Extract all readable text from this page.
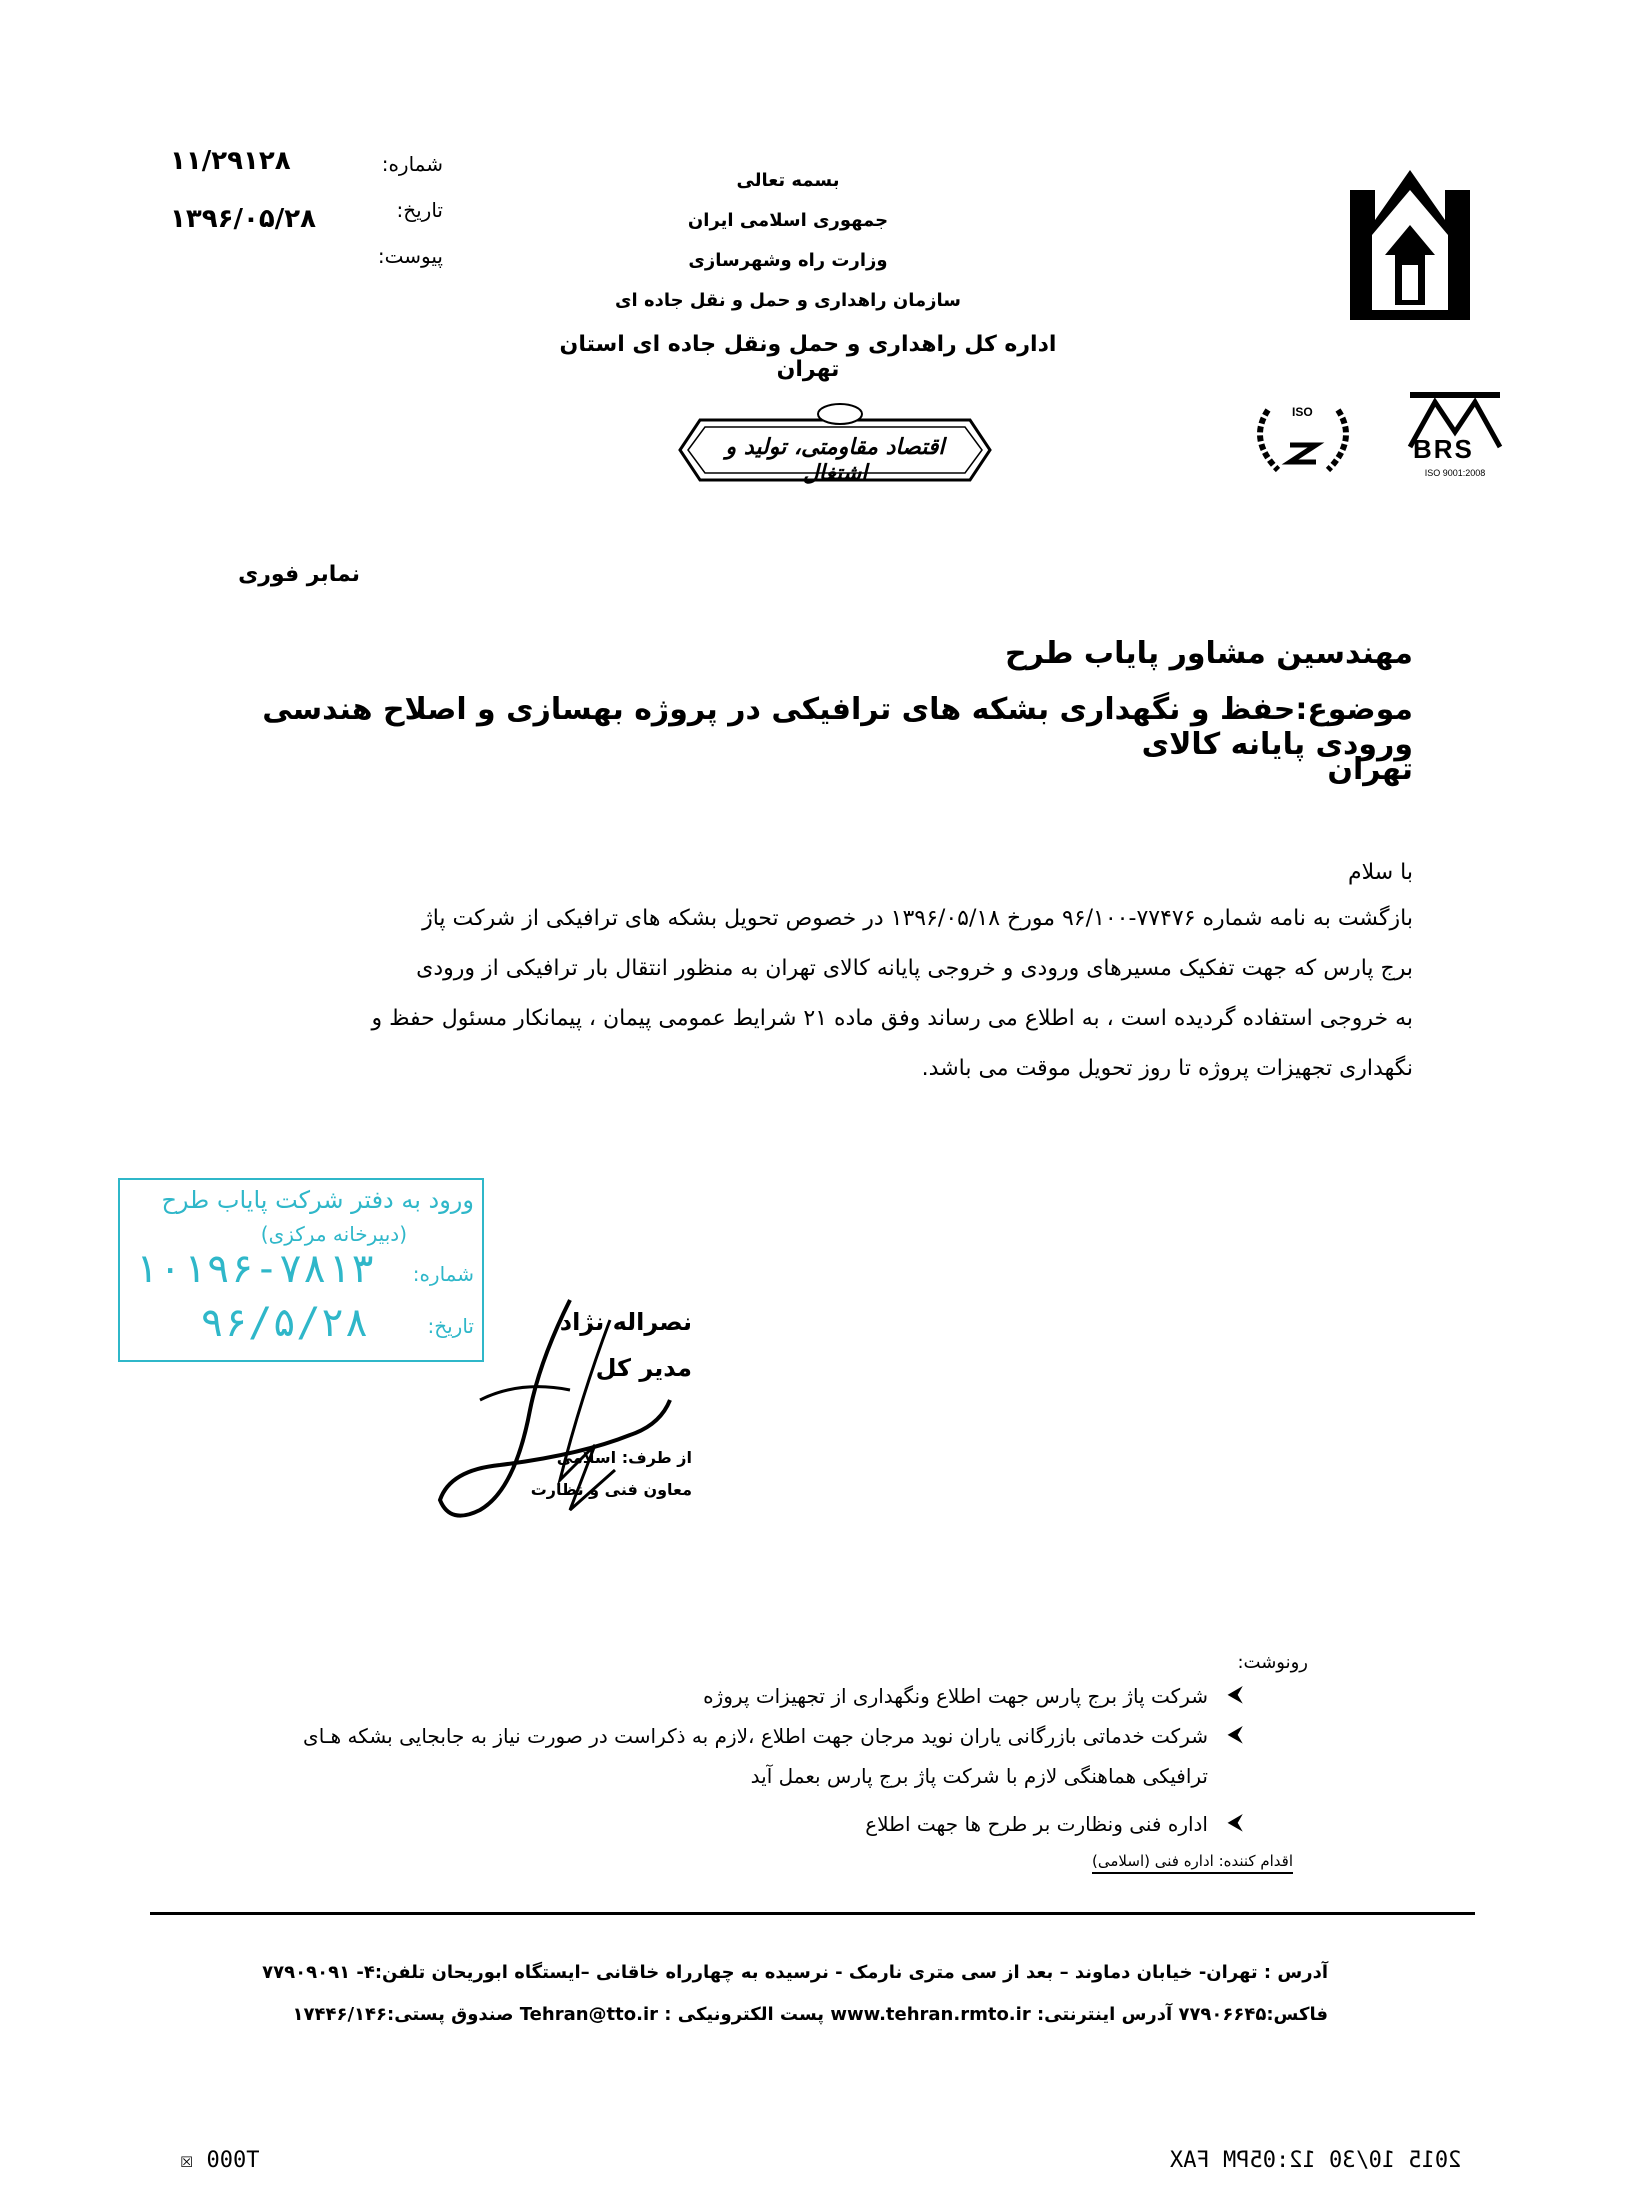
شماره:
۱۱/۲۹۱۲۸
تاریخ:
۱۳۹۶/۰۵/۲۸
پیوست:
بسمه تعالی
جمهوری اسلامی ایران
وزارت راه وشهرسازی
سازمان راهداری و حمل و نقل جاده ای
اداره کل راهداری و حمل ونقل جاده ای استان تهران
اقتصاد مقاومتی، تولید و اشتغال
BRS
ISO 9001:2008
ISO
نمابر فوری
مهندسین مشاور پایاب طرح
موضوع:حفظ و نگهداری بشکه های ترافیکی در پروژه بهسازی و اصلاح هندسی ورودی پایانه کالای
تهران
با سلام
بازگشت به نامه شماره ۷۷۴۷۶-۹۶/۱۰۰ مورخ ۱۳۹۶/۰۵/۱۸ در خصوص تحویل بشکه های ترافیکی از شرکت پاژ
برج پارس که جهت تفکیک مسیرهای ورودی و خروجی پایانه کالای تهران به منظور انتقال بار ترافیکی از ورودی
به خروجی استفاده گردیده است ، به اطلاع می رساند وفق ماده ۲۱ شرایط عمومی پیمان ، پیمانکار مسئول حفظ و
نگهداری تجهیزات پروژه تا روز تحویل موقت می باشد.
ورود به دفتر شرکت پایاب طرح
(دبیرخانه مرکزی)
شماره:
۱۰۱۹۶-۷۸۱۳
تاریخ:
۹۶/۵/۲۸	نصراله نژاد
مدیر کل
از طرف: اسلامی
معاون فنی و نظارت
رونوشت:
⮜
شرکت پاژ برج پارس جهت اطلاع ونگهداری از تجهیزات پروژه
⮜
شرکت خدماتی بازرگانی یاران نوید مرجان جهت اطلاع ،لازم به ذکراست در صورت نیاز به جابجایی بشکه هـای
ترافیکی هماهنگی لازم با شرکت پاژ برج پارس بعمل آید
⮜
اداره فنی ونظارت بر طرح ها جهت اطلاع
اقدام کننده: اداره فنی (اسلامی)
آدرس : تهران- خیابان دماوند – بعد از سی متری نارمک - نرسیده به چهارراه خاقانی –ایستگاه ابوریحان تلفن:۴- ۷۷۹۰۹۰۹۱
فاکس:۷۷۹۰۶۶۴۵ آدرس اینترنتی: www.tehran.rmto.ir پست الکترونیکی : Tehran@tto.ir صندوق پستی:۱۷۴۴۶/۱۴۶
T000 ☒	2015 10/30 12:05PM FAX
